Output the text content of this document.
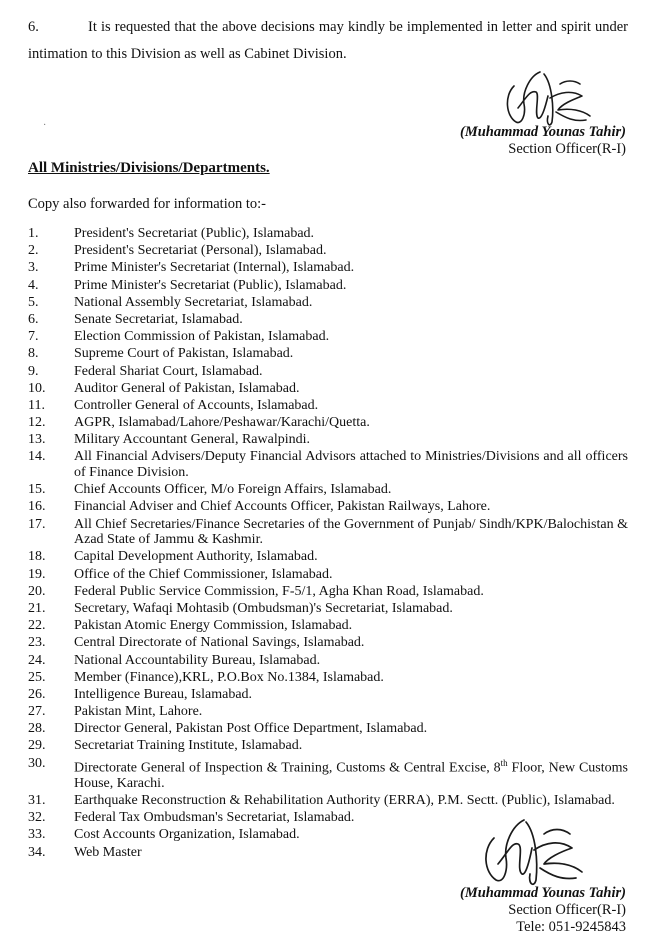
6.	It is requested that the above decisions may kindly be implemented in letter and spirit under intimation to this Division as well as Cabinet Division.
·	(Muhammad Younas Tahir)
Section Officer(R-I)
All Ministries/Divisions/Departments.
Copy also forwarded for information to:-
1.	President's Secretariat (Public), Islamabad.
2.	President's Secretariat (Personal), Islamabad.
3.	Prime Minister's Secretariat (Internal), Islamabad.
4.	Prime Minister's Secretariat (Public), Islamabad.
5.	National Assembly Secretariat, Islamabad.
6.	Senate Secretariat, Islamabad.
7.	Election Commission of Pakistan, Islamabad.
8.	Supreme Court of Pakistan, Islamabad.
9.	Federal Shariat Court, Islamabad.
10.	Auditor General of Pakistan, Islamabad.
11.	Controller General of Accounts, Islamabad.
12.	AGPR, Islamabad/Lahore/Peshawar/Karachi/Quetta.
13.	Military Accountant General, Rawalpindi.
14.	All Financial Advisers/Deputy Financial Advisors attached to Ministries/Divisions and all officers of Finance Division.
15.	Chief Accounts Officer, M/o Foreign Affairs, Islamabad.
16.	Financial Adviser and Chief Accounts Officer, Pakistan Railways, Lahore.
17.	All Chief Secretaries/Finance Secretaries of the Government of Punjab/ Sindh/KPK/Balochistan & Azad State of Jammu & Kashmir.
18.	Capital Development Authority, Islamabad.
19.	Office of the Chief Commissioner, Islamabad.
20.	Federal Public Service Commission, F-5/1, Agha Khan Road, Islamabad.
21.	Secretary, Wafaqi Mohtasib (Ombudsman)'s Secretariat, Islamabad.
22.	Pakistan Atomic Energy Commission, Islamabad.
23.	Central Directorate of National Savings, Islamabad.
24.	National Accountability Bureau, Islamabad.
25.	Member (Finance),KRL, P.O.Box No.1384, Islamabad.
26.	Intelligence Bureau, Islamabad.
27.	Pakistan Mint, Lahore.
28.	Director General, Pakistan Post Office Department, Islamabad.
29.	Secretariat Training Institute, Islamabad.
30.	Directorate General of Inspection & Training, Customs & Central Excise, 8th Floor, New Customs House, Karachi.
31.	Earthquake Reconstruction & Rehabilitation Authority (ERRA), P.M. Sectt. (Public), Islamabad.
32.	Federal Tax Ombudsman's Secretariat, Islamabad.
33.	Cost Accounts Organization, Islamabad.
34.	Web Master
(Muhammad Younas Tahir)
Section Officer(R-I)
Tele: 051-9245843
